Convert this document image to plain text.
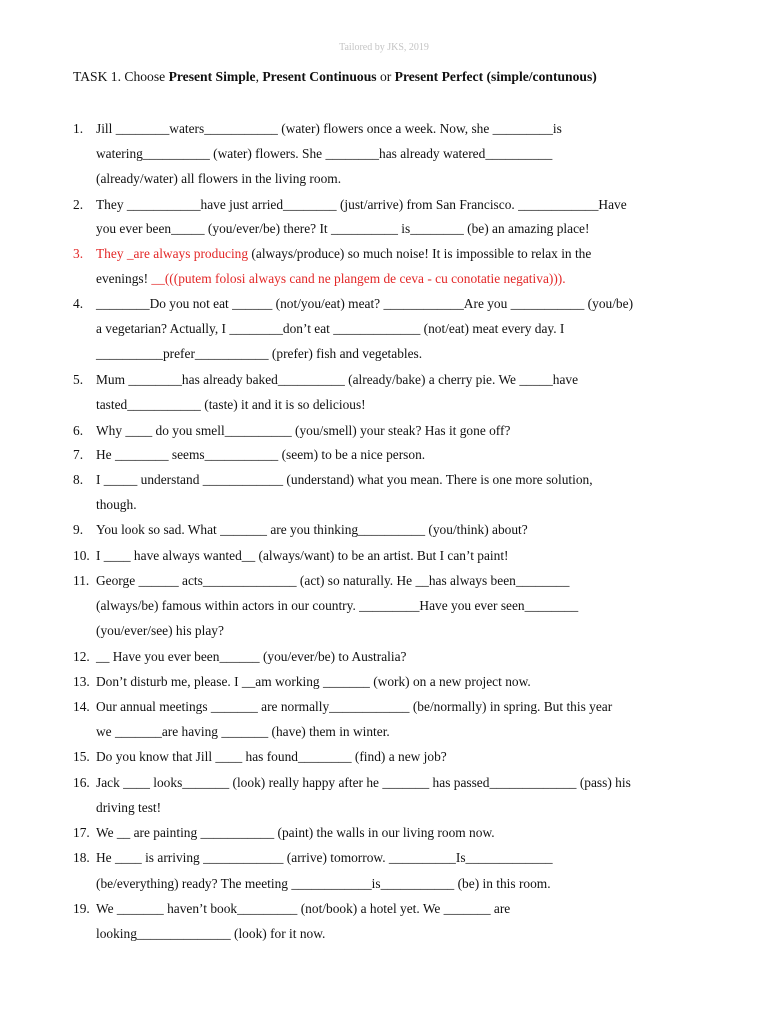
Tailored by JKS, 2019
TASK 1. Choose Present Simple, Present Continuous or Present Perfect (simple/contunous)
1. Jill ________waters___________ (water) flowers once a week. Now, she _________is
watering__________ (water) flowers. She ________has already watered__________
(already/water) all flowers in the living room.
2. They ___________have just arried________ (just/arrive) from San Francisco. ____________Have
you ever been_____ (you/ever/be) there? It __________ is________ (be) an amazing place!
3. They _are always producing (always/produce) so much noise! It is impossible to relax in the
evenings! __(((putem folosi always cand ne plangem de ceva - cu conotatie negativa))).
4. ________Do you not eat ______ (not/you/eat) meat? ____________Are you ___________ (you/be)
a vegetarian? Actually, I ________don’t eat _____________ (not/eat) meat every day. I
__________prefer___________ (prefer) fish and vegetables.
5. Mum ________has already baked__________ (already/bake) a cherry pie. We _____have
tasted___________ (taste) it and it is so delicious!
6. Why ____ do you smell__________ (you/smell) your steak? Has it gone off?
7. He ________ seems___________ (seem) to be a nice person.
8. I _____ understand ____________ (understand) what you mean. There is one more solution,
though.
9. You look so sad. What _______ are you thinking__________ (you/think) about?
10. I ____ have always wanted__ (always/want) to be an artist. But I can’t paint!
11. George ______ acts______________ (act) so naturally. He __has always been________
(always/be) famous within actors in our country. _________Have you ever seen________
(you/ever/see) his play?
12. __ Have you ever been______ (you/ever/be) to Australia?
13. Don’t disturb me, please. I __am working _______ (work) on a new project now.
14. Our annual meetings _______ are normally____________ (be/normally) in spring. But this year
we _______are having _______ (have) them in winter.
15. Do you know that Jill ____ has found________ (find) a new job?
16. Jack ____ looks_______ (look) really happy after he _______ has passed_____________ (pass) his
driving test!
17. We __ are painting ___________ (paint) the walls in our living room now.
18. He ____ is arriving ____________ (arrive) tomorrow. __________Is_____________
(be/everything) ready? The meeting ____________is___________ (be) in this room.
19. We _______ haven’t book_________ (not/book) a hotel yet. We _______ are
looking______________ (look) for it now.
